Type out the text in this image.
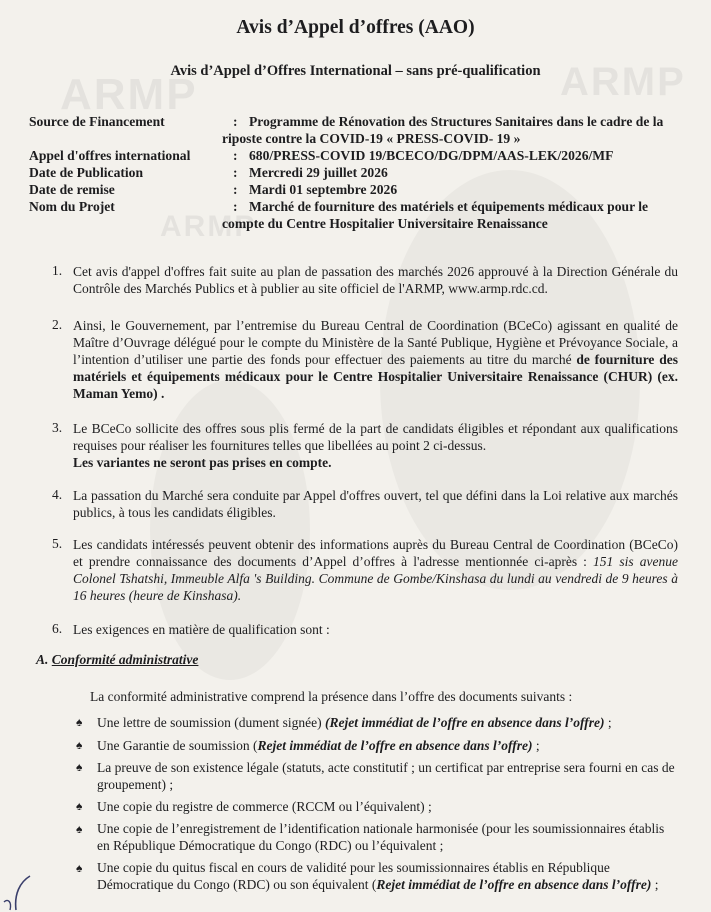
ARMP	ARMP
ARMP
Avis d’Appel d’offres (AAO)
Avis d’Appel d’Offres International – sans pré-qualification
Source de Financement	: Programme de Rénovation des Structures Sanitaires dans le cadre de la riposte contre la COVID-19 « PRESS-COVID- 19 »
Appel d'offres international	: 680/PRESS-COVID 19/BCECO/DG/DPM/AAS-LEK/2026/MF
Date de Publication	: Mercredi 29 juillet 2026
Date de remise	: Mardi 01 septembre 2026
Nom du Projet	: Marché de fourniture des matériels et équipements médicaux pour le compte du Centre Hospitalier Universitaire Renaissance
1. Cet avis d'appel d'offres fait suite au plan de passation des marchés 2026 approuvé à la Direction Générale du Contrôle des Marchés Publics et à publier au site officiel de l'ARMP, www.armp.rdc.cd.
2. Ainsi, le Gouvernement, par l’entremise du Bureau Central de Coordination (BCeCo) agissant en qualité de Maître d’Ouvrage délégué pour le compte du Ministère de la Santé Publique, Hygiène et Prévoyance Sociale, a l’intention d’utiliser une partie des fonds pour effectuer des paiements au titre du marché de fourniture des matériels et équipements médicaux pour le Centre Hospitalier Universitaire Renaissance (CHUR) (ex. Maman Yemo) .
3. Le BCeCo sollicite des offres sous plis fermé de la part de candidats éligibles et répondant aux qualifications requises pour réaliser les fournitures telles que libellées au point 2 ci-dessus.
Les variantes ne seront pas prises en compte.
4. La passation du Marché sera conduite par Appel d'offres ouvert, tel que défini dans la Loi relative aux marchés publics, à tous les candidats éligibles.
5. Les candidats intéressés peuvent obtenir des informations auprès du Bureau Central de Coordination (BCeCo) et prendre connaissance des documents d’Appel d’offres à l'adresse mentionnée ci-après : 151 sis avenue Colonel Tshatshi, Immeuble Alfa 's Building. Commune de Gombe/Kinshasa du lundi au vendredi de 9 heures à 16 heures (heure de Kinshasa).
6. Les exigences en matière de qualification sont :
A. Conformité administrative
La conformité administrative comprend la présence dans l’offre des documents suivants :
♠ Une lettre de soumission (dument signée) (Rejet immédiat de l’offre en absence dans l’offre) ;
♠ Une Garantie de soumission (Rejet immédiat de l’offre en absence dans l’offre) ;
♠ La preuve de son existence légale (statuts, acte constitutif ; un certificat par entreprise sera fourni en cas de groupement) ;
♠ Une copie du registre de commerce (RCCM ou l’équivalent) ;
♠ Une copie de l’enregistrement de l’identification nationale harmonisée (pour les soumissionnaires établis en République Démocratique du Congo (RDC) ou l’équivalent ;
♠ Une copie du quitus fiscal en cours de validité pour les soumissionnaires établis en République Démocratique du Congo (RDC) ou son équivalent (Rejet immédiat de l’offre en absence dans l’offre) ;
